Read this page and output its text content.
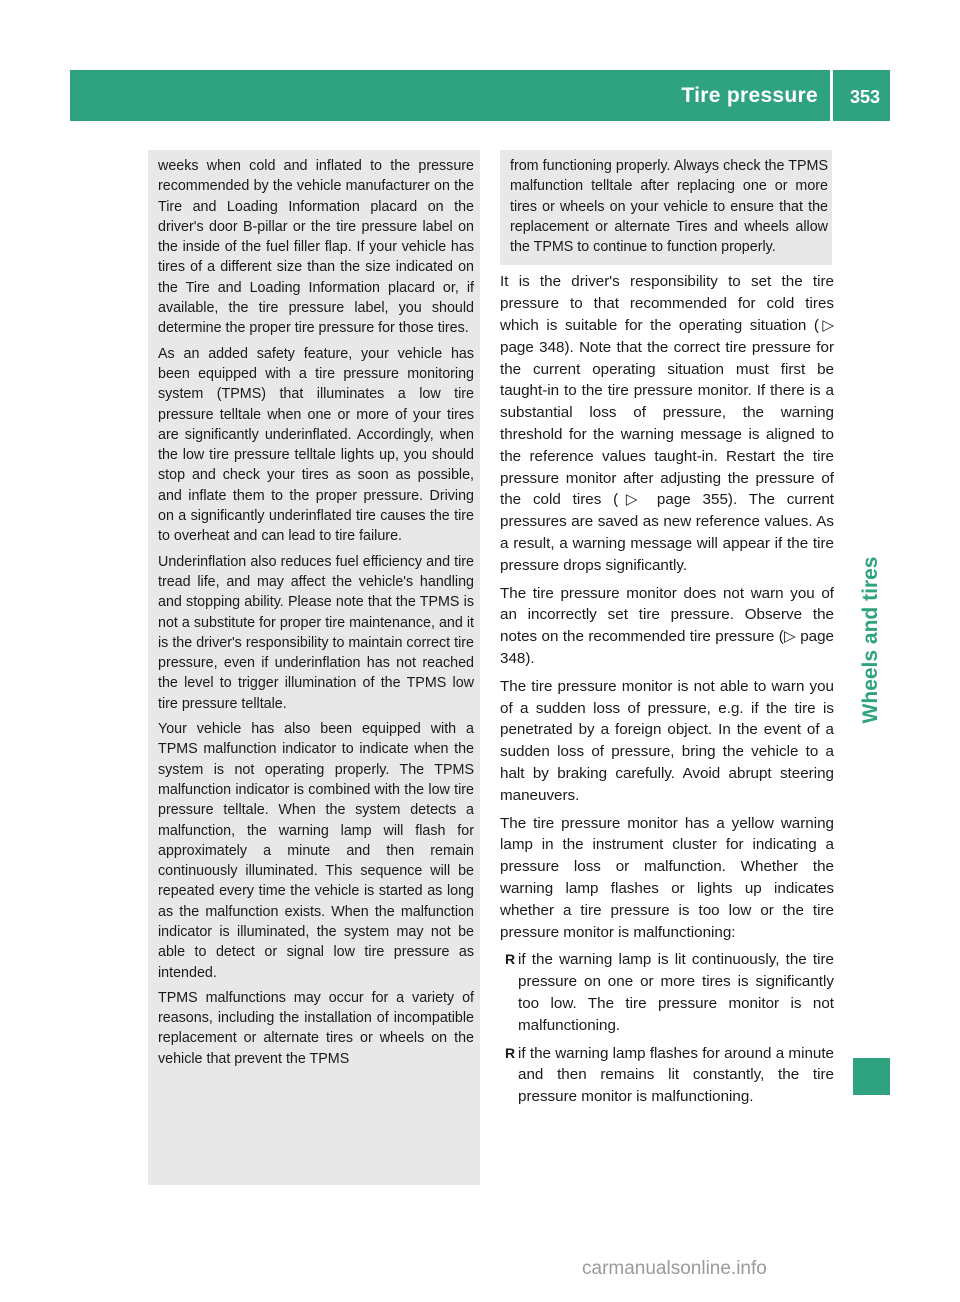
Tire pressure 353
Wheels and tires

weeks when cold and inflated to the pressure recommended by the vehicle manufacturer on the Tire and Loading Information placard on the driver's door B-pillar or the tire pressure label on the inside of the fuel filler flap. If your vehicle has tires of a different size than the size indicated on the Tire and Loading Information placard or, if available, the tire pressure label, you should determine the proper tire pressure for those tires.

As an added safety feature, your vehicle has been equipped with a tire pressure monitoring system (TPMS) that illuminates a low tire pressure telltale when one or more of your tires are significantly underinflated. Accordingly, when the low tire pressure telltale lights up, you should stop and check your tires as soon as possible, and inflate them to the proper pressure. Driving on a significantly underinflated tire causes the tire to overheat and can lead to tire failure.

Underinflation also reduces fuel efficiency and tire tread life, and may affect the vehicle's handling and stopping ability. Please note that the TPMS is not a substitute for proper tire maintenance, and it is the driver's responsibility to maintain correct tire pressure, even if underinflation has not reached the level to trigger illumination of the TPMS low tire pressure telltale.

Your vehicle has also been equipped with a TPMS malfunction indicator to indicate when the system is not operating properly. The TPMS malfunction indicator is combined with the low tire pressure telltale. When the system detects a malfunction, the warning lamp will flash for approximately a minute and then remain continuously illuminated. This sequence will be repeated every time the vehicle is started as long as the malfunction exists. When the malfunction indicator is illuminated, the system may not be able to detect or signal low tire pressure as intended.

TPMS malfunctions may occur for a variety of reasons, including the installation of incompatible replacement or alternate tires or wheels on the vehicle that prevent the TPMS

from functioning properly. Always check the TPMS malfunction telltale after replacing one or more tires or wheels on your vehicle to ensure that the replacement or alternate Tires and wheels allow the TPMS to continue to function properly.

It is the driver's responsibility to set the tire pressure to that recommended for cold tires which is suitable for the operating situation (▷ page 348). Note that the correct tire pressure for the current operating situation must first be taught-in to the tire pressure monitor. If there is a substantial loss of pressure, the warning threshold for the warning message is aligned to the reference values taught-in. Restart the tire pressure monitor after adjusting the pressure of the cold tires (▷ page 355). The current pressures are saved as new reference values. As a result, a warning message will appear if the tire pressure drops significantly.

The tire pressure monitor does not warn you of an incorrectly set tire pressure. Observe the notes on the recommended tire pressure (▷ page 348).

The tire pressure monitor is not able to warn you of a sudden loss of pressure, e.g. if the tire is penetrated by a foreign object. In the event of a sudden loss of pressure, bring the vehicle to a halt by braking carefully. Avoid abrupt steering maneuvers.

The tire pressure monitor has a yellow warning lamp in the instrument cluster for indicating a pressure loss or malfunction. Whether the warning lamp flashes or lights up indicates whether a tire pressure is too low or the tire pressure monitor is malfunctioning:

R if the warning lamp is lit continuously, the tire pressure on one or more tires is significantly too low. The tire pressure monitor is not malfunctioning.
R if the warning lamp flashes for around a minute and then remains lit constantly, the tire pressure monitor is malfunctioning.
carmanualsonline.info
